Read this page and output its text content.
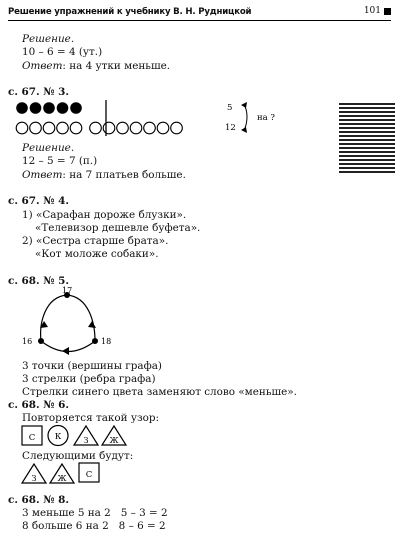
Решение упражнений к учебнику В. Н. Рудницкой	101
Решение.
10 – 6 = 4 (ут.)
Ответ: на 4 утки меньше.
с. 67. № 3.
5
12
на ?
Решение.
12 – 5 = 7 (п.)
Ответ: на 7 платьев больше.
с. 67. № 4.
1) «Сарафан дороже блузки».
«Телевизор дешевле буфета».
2) «Сестра старше брата».
«Кот моложе собаки».
с. 68. № 5.
17
16	18
3 точки (вершины графа)
3 стрелки (ребра графа)
Стрелки синего цвета заменяют слово «меньше».
с. 68. № 6.
Повторяется такой узор:
С К	З	Ж
Следующими будут:
З	Ж С
с. 68. № 8.
3 меньше 5 на 2   5 – 3 = 2
8 больше 6 на 2   8 – 6 = 2
